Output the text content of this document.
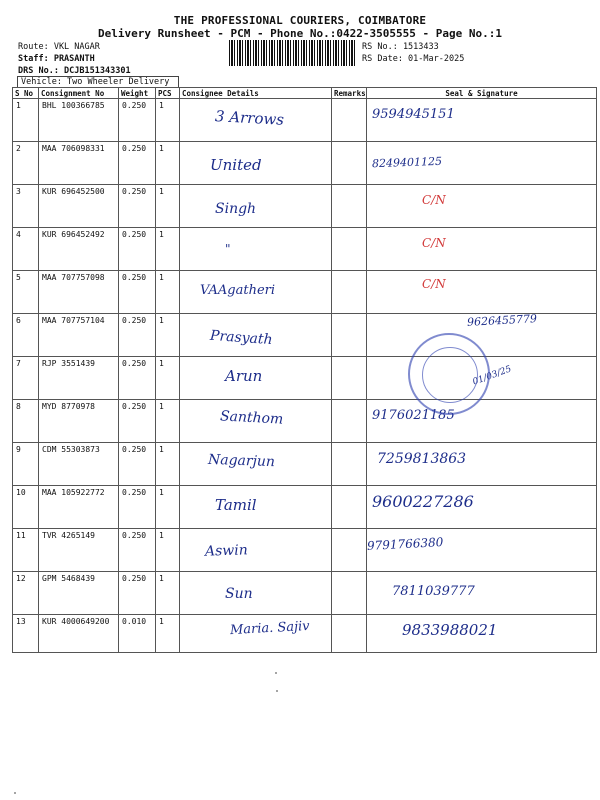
THE PROFESSIONAL COURIERS, COIMBATORE
Delivery Runsheet - PCM - Phone No.:0422-3505555 - Page No.:1
Route: VKL NAGAR
Staff: PRASANTH
DRS No.: DCJB151343301
Vehicle: Two Wheeler Delivery
RS No.: 1513433
RS Date: 01-Mar-2025
S No	Consignment No	Weight	PCS	Consignee Details	Remarks	Seal & Signature
1	BHL 100366785	0.250	1	3 Arrows		9594945151

2	MAA 706098331	0.250	1	United		8249401125

3	KUR 696452500	0.250	1	Singh		C/N

4	KUR 696452492	0.250	1	"		C/N

5	MAA 707757098	0.250	1	VAAgatheri		C/N

6	MAA 707757104	0.250	1	Prasyath		9626455779

7	RJP 3551439	0.250	1	Arun		01/03/25

8	MYD 8770978	0.250	1	Santhom		9176021185

9	CDM 55303873	0.250	1	Nagarjun		7259813863

10	MAA 105922772	0.250	1	Tamil		9600227286

11	TVR 4265149	0.250	1	Aswin		9791766380

12	GPM 5468439	0.250	1	Sun		7811039777

13	KUR 4000649200	0.010	1	Maria. Sajiv		9833988021
